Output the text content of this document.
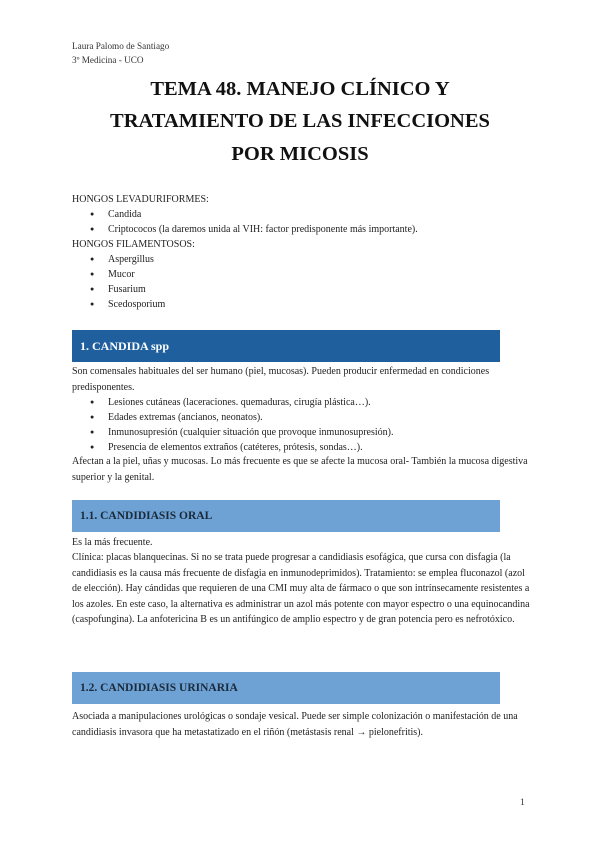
Laura Palomo de Santiago
3º Medicina - UCO
TEMA 48. MANEJO CLÍNICO Y
TRATAMIENTO DE LAS INFECCIONES
POR MICOSIS
HONGOS LEVADURIFORMES:
● Candida
● Criptococos (la daremos unida al VIH: factor predisponente más importante).
HONGOS FILAMENTOSOS:
● Aspergillus
● Mucor
● Fusarium
● Scedosporium
1. CANDIDA spp
Son comensales habituales del ser humano (piel, mucosas). Pueden producir enfermedad en condiciones predisponentes.
● Lesiones cutáneas (laceraciones. quemaduras, cirugía plástica…).
● Edades extremas (ancianos, neonatos).
● Inmunosupresión (cualquier situación que provoque inmunosupresión).
● Presencia de elementos extraños (catéteres, prótesis, sondas…).
Afectan a la piel, uñas y mucosas. Lo más frecuente es que se afecte la mucosa oral- También la mucosa digestiva superior y la genital.
1.1. CANDIDIASIS ORAL
Es la más frecuente.
Clínica: placas blanquecinas. Si no se trata puede progresar a candidiasis esofágica, que cursa con disfagia (la candidiasis es la causa más frecuente de disfagia en inmunodeprimidos). Tratamiento: se emplea fluconazol (azol de elección). Hay cándidas que requieren de una CMI muy alta de fármaco o que son intrínsecamente resistentes a los azoles. En este caso, la alternativa es administrar un azol más potente con mayor espectro o una equinocandina (caspofungina). La anfotericina B es un antifúngico de amplio espectro y de gran potencia pero es nefrotóxico.
1.2. CANDIDIASIS URINARIA
Asociada a manipulaciones urológicas o sondaje vesical. Puede ser simple colonización o manifestación de una candidiasis invasora que ha metastatizado en el riñón (metástasis renal → pielonefritis).
1
